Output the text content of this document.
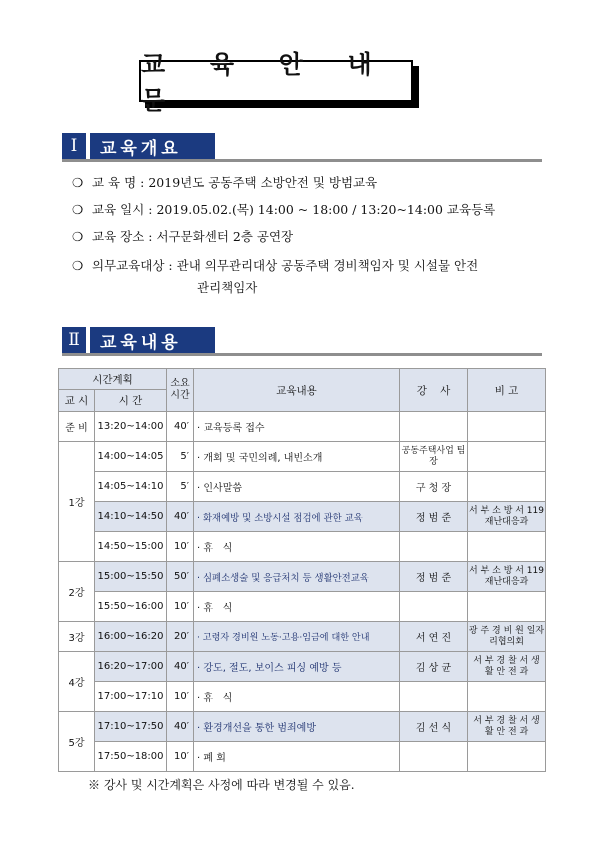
교 육 안 내 문
Ⅰ	교육개요
❍ 교 육 명 : 2019년도 공동주택 소방안전 및 방범교육
❍ 교육 일시 : 2019.05.02.(목) 14:00 ~ 18:00 / 13:20~14:00 교육등록
❍ 교육 장소 : 서구문화센터 2층 공연장
❍ 의무교육대상 : 관내 의무관리대상 공동주택 경비책임자 및 시설물 안전
관리책임자
Ⅱ	교육내용
시간계획		소요시간	교육내용	강    사	비 고
교 시	시 간				
준 비	13:20~14:00	40′	· 교육등록 접수		
1강	14:00~14:05	5′	· 개회 및 국민의례, 내빈소개	공동주택사업 팀 장	
	14:05~14:10	5′	· 인사말씀	구 청 장	
	14:10~14:50	40′	· 화재예방 및 소방시설 점검에 관한 교육	정 범 준	서 부 소 방 서 119재난대응과
	14:50~15:00	10′	· 휴   식		
2강	15:00~15:50	50′	· 심폐소생술 및 응급처치 등 생활안전교육	정 범 준	서 부 소 방 서 119재난대응과
	15:50~16:00	10′	· 휴   식		
3강	16:00~16:20	20′	· 고령자 경비원 노동·고용·임금에 대한 안내	서 연 진	광 주 경 비 원 일자리협의회
4강	16:20~17:00	40′	· 강도, 절도, 보이스 피싱 예방 등	김 상 균	서 부 경 찰 서 생 활 안 전 과
	17:00~17:10	10′	· 휴   식		
5강	17:10~17:50	40′	· 환경개선을 통한 범죄예방	김 선 식	서 부 경 찰 서 생 활 안 전 과
	17:50~18:00	10′	· 폐 회		
※ 강사 및 시간계획은 사정에 따라 변경될 수 있음.
